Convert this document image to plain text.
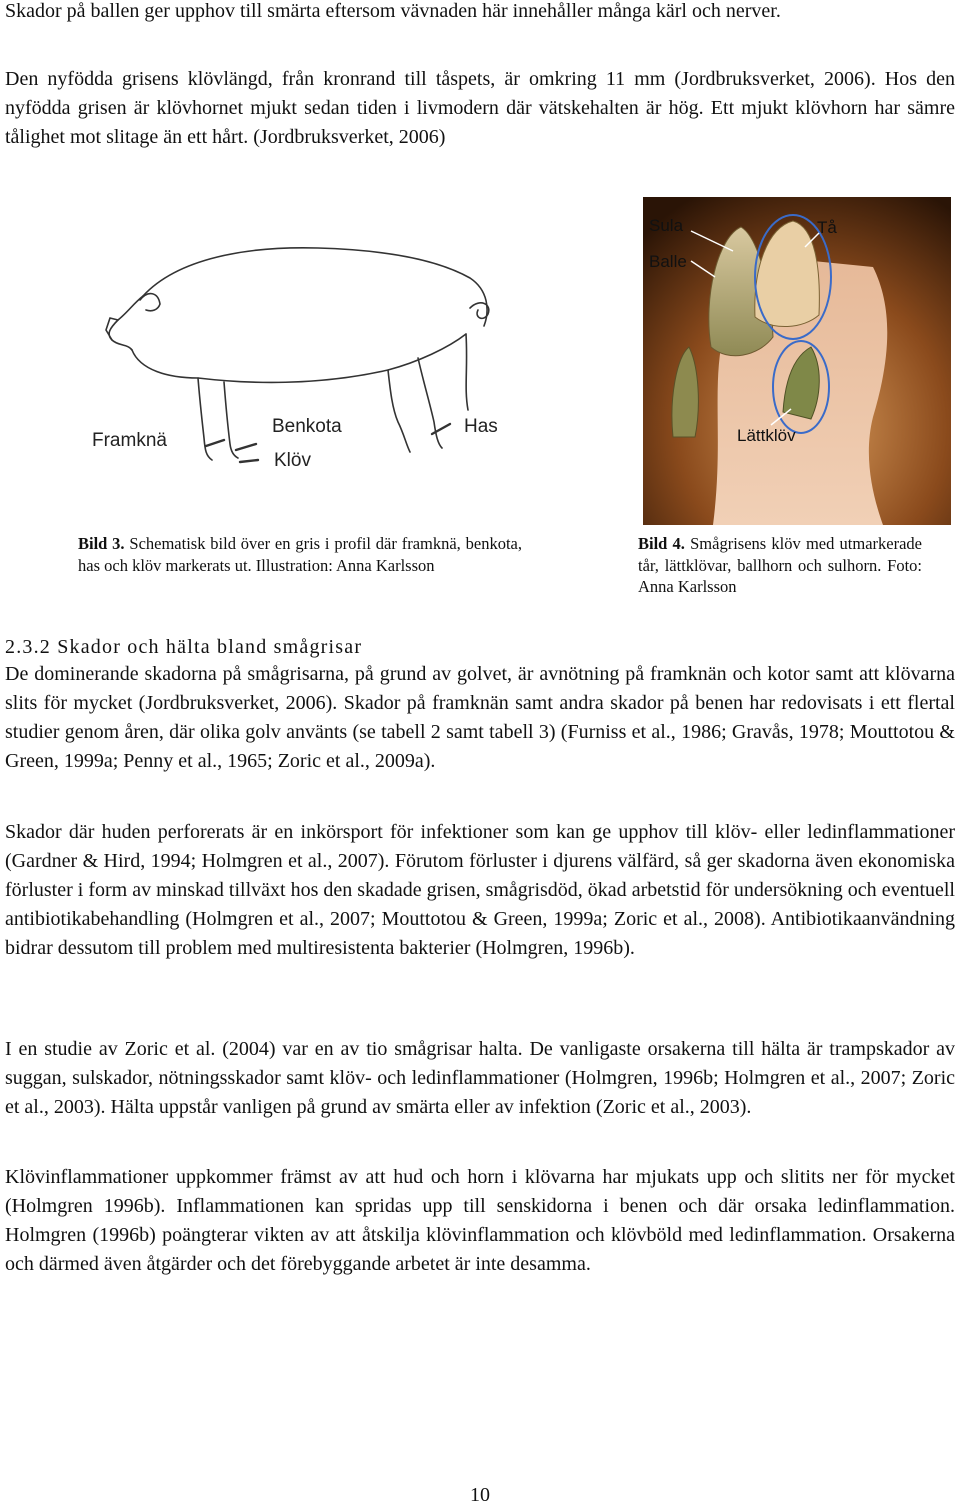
Skador på ballen ger upphov till smärta eftersom vävnaden här innehåller många kärl och nerver.

Den nyfödda grisens klövlängd, från kronrand till tåspets, är omkring 11 mm (Jordbruksverket, 2006). Hos den nyfödda grisen är klövhornet mjukt sedan tiden i livmodern där vätskehalten är hög. Ett mjukt klövhorn har sämre tålighet mot slitage än ett hårt. (Jordbruksverket, 2006)

Framknä
Benkota
Klöv
Has
Sula
Balle
Tå
Lättklöv

Bild 3. Schematisk bild över en gris i profil där framknä, benkota, has och klöv markerats ut. Illustration: Anna Karlsson

Bild 4. Smågrisens klöv med utmarkerade tår, lättklövar, ballhorn och sulhorn. Foto: Anna Karlsson

2.3.2 Skador och hälta bland smågrisar

De dominerande skadorna på smågrisarna, på grund av golvet, är avnötning på framknän och kotor samt att klövarna slits för mycket (Jordbruksverket, 2006). Skador på framknän samt andra skador på benen har redovisats i ett flertal studier genom åren, där olika golv använts (se tabell 2 samt tabell 3) (Furniss et al., 1986; Gravås, 1978; Mouttotou & Green, 1999a; Penny et al., 1965; Zoric et al., 2009a).

Skador där huden perforerats är en inkörsport för infektioner som kan ge upphov till klöv- eller ledinflammationer (Gardner & Hird, 1994; Holmgren et al., 2007). Förutom förluster i djurens välfärd, så ger skadorna även ekonomiska förluster i form av minskad tillväxt hos den skadade grisen, smågrisdöd, ökad arbetstid för undersökning och eventuell antibiotikabehandling (Holmgren et al., 2007; Mouttotou & Green, 1999a; Zoric et al., 2008). Antibiotikaanvändning bidrar dessutom till problem med multiresistenta bakterier (Holmgren, 1996b).

I en studie av Zoric et al. (2004) var en av tio smågrisar halta. De vanligaste orsakerna till hälta är trampskador av suggan, sulskador, nötningsskador samt klöv- och ledinflammationer (Holmgren, 1996b; Holmgren et al., 2007; Zoric et al., 2003). Hälta uppstår vanligen på grund av smärta eller av infektion (Zoric et al., 2003).

Klövinflammationer uppkommer främst av att hud och horn i klövarna har mjukats upp och slitits ner för mycket (Holmgren 1996b). Inflammationen kan spridas upp till senskidorna i benen och där orsaka ledinflammation. Holmgren (1996b) poängterar vikten av att åtskilja klövinflammation och klövböld med ledinflammation. Orsakerna och därmed även åtgärder och det förebyggande arbetet är inte desamma.

10
